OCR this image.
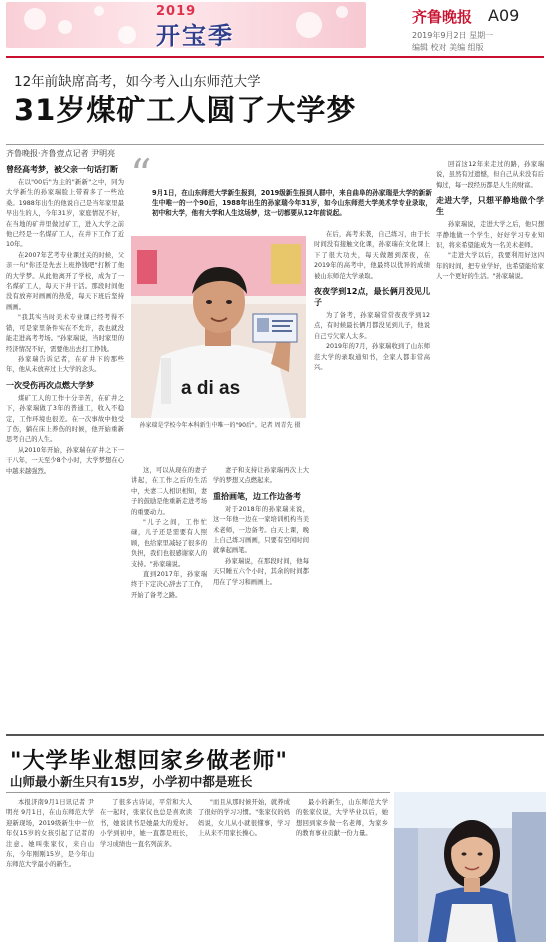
2019
开宝季
齐鲁晚报 A09
2019年9月2日 星期一
编辑 校对 美编 组版
12年前缺席高考，如今考入山东师范大学
31岁煤矿工人圆了大学梦
齐鲁晚报·齐鲁壹点记者 尹明亮
曾经高考梦，被父亲一句话打断

在以"00后"为主的"新新"之中，同为大学新生的孙家瑞脸上带着多了一些沧桑。1988年出生的他说自己是当年家里最早出生的人，今年31岁，家庭情况不好，在当地的矿井里做过矿工，进入大学之前他已经是一名煤矿工人，在井下工作了近10年。

在2007年艺考专业课过关的时候，父亲一句"你还是先去上班挣钱吧"打断了他的大学梦。从此他离开了学校，成为了一名煤矿工人，每天下井干活。那段时间他没有放弃对画画的热爱，每天下班后坚持画画。

"我其实当时美术专业课已经考得不错，可是家里条件实在不允许，我也就没能走进高考考场。"孙家瑞说，当时家里的经济情况不好，需要他出去打工挣钱。

孙家瑞告诉记者，在矿井下的那些年，他从未放弃过上大学的念头。

一次受伤再次点燃大学梦

煤矿工人的工作十分辛苦，在矿井之下，孙家瑞做了3年的普通工，收入不稳定，工作环境也很差。在一次事故中他受了伤，躺在床上养伤的时候，他开始重新思考自己的人生。

从2010年开始，孙家瑞在矿井之下一干八年，一天至少8个小时，大学梦想在心中越来越强烈。

“ 9月1日，在山东师范大学新生报到，2019级新生报到人群中，来自曲阜的孙家瑞是大学的新新生中唯一的一个90后，1988年出生的孙家瑞今年31岁，如今山东师范大学美术学专业录取，初中和大学，他有大学和人生这场梦，这一切都要从12年前说起。
a di as
孙家瑞是学校今年本科新生中唯一的"90后"。记者 周青先 摄

这，可以从现在的妻子讲起，在工作之后的生活中，夫妻二人相识相知，妻子的鼓励是他重新走进考场的重要动力。

"儿子之间，工作忙碌，儿子还是需要有人照顾，也给家里减轻了很多的负担，我们也很感谢家人的支持。"孙家瑞说。

直到2017年，孙家瑞终于下定决心辞去了工作，开始了备考之路。

妻子和支持让孙家瑞再次上大学的梦想又点燃起来。

重拾画笔，边工作边备考

对于2018年的孙家瑞来说，这一年他一边在一家培训机构当美术老师，一边备考。白天上课，晚上自己练习画画，只要有空闲时间就拿起画笔。

孙家瑞说，在那段时间，他每天只睡五六个小时，其余的时间都用在了学习和画画上。

在后，高考来袭，自己练习，由于长时间没有接触文化课，孙家瑞在文化课上下了很大功夫，每天做题到深夜，在2019年的高考中，他最终以优异的成绩被山东师范大学录取。

夜夜学到12点，最长俩月没见儿子

为了备考，孙家瑞常常夜夜学到12点，有时候最长俩月都没见到儿子，他说自己亏欠家人太多。

2019年的7月，孙家瑞收到了山东师范大学的录取通知书，全家人都非常高兴。

回首这12年来走过的路，孙家瑞说，虽然有过遗憾，但自己从来没有后悔过，每一段经历都是人生的财富。

走进大学，只想平静地做个学生

孙家瑞说，走进大学之后，他只想平静地做一个学生，好好学习专业知识，将来希望能成为一名美术老师。

"走进大学以后，我要利用好这四年的时间，把专业学好，也希望能给家人一个更好的生活。"孙家瑞说。

"大学毕业想回家乡做老师"
山师最小新生只有15岁，小学初中都是班长

本报济南9月1日讯记者 尹明亮 9月1日，在山东师范大学迎新现场，2019级新生中一位年仅15岁的女孩引起了记者的注意。她叫张家仪，来自山东，今年刚刚15岁，是今年山东师范大学最小的新生。

了很多古诗词，平常和大人在一起时，张家仪也总是喜欢读书，她说读书是她最大的爱好。小学到初中，她一直都是班长，学习成绩也一直名列前茅。

"而且从那时候开始，就养成了很好的学习习惯。"张家仪的妈妈说，女儿从小就很懂事，学习上从来不用家长操心。

最小的新生，山东师范大学的张家仪说，大学毕业以后，她想回到家乡做一名老师，为家乡的教育事业贡献一份力量。
